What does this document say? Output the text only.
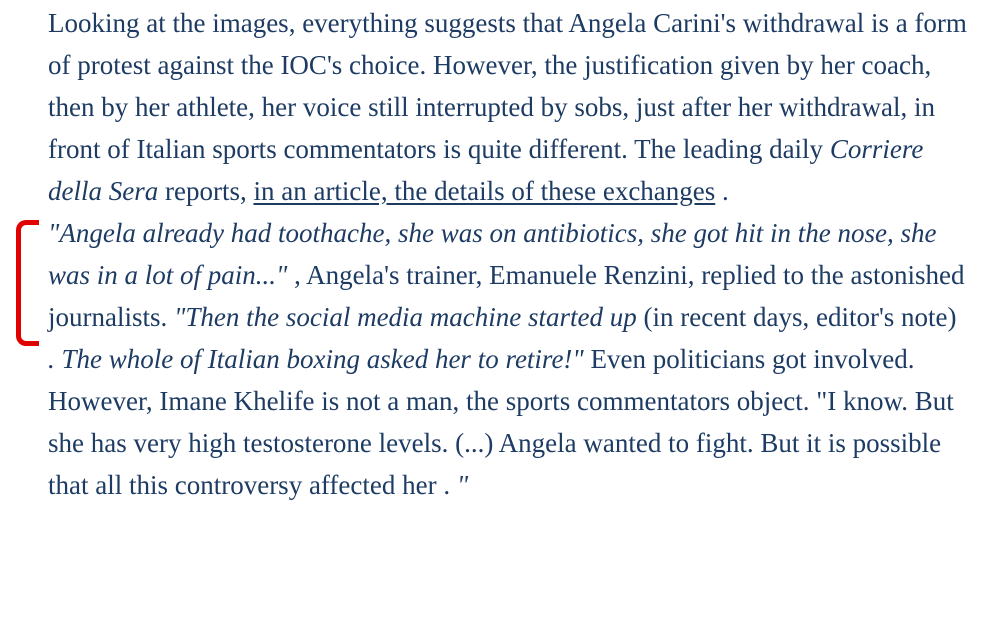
Looking at the images, everything suggests that Angela Carini's withdrawal is a form of protest against the IOC's choice. However, the justification given by her coach, then by her athlete, her voice still interrupted by sobs, just after her withdrawal, in front of Italian sports commentators is quite different. The leading daily Corriere della Sera reports, in an article, the details of these exchanges .

"Angela already had toothache, she was on antibiotics, she got hit in the nose, she was in a lot of pain..." , Angela's trainer, Emanuele Renzini, replied to the astonished journalists. "Then the social media machine started up (in recent days, editor's note) . The whole of Italian boxing asked her to retire!" Even politicians got involved. However, Imane Khelife is not a man, the sports commentators object. "I know. But she has very high testosterone levels. (...) Angela wanted to fight. But it is possible that all this controversy affected her . "
